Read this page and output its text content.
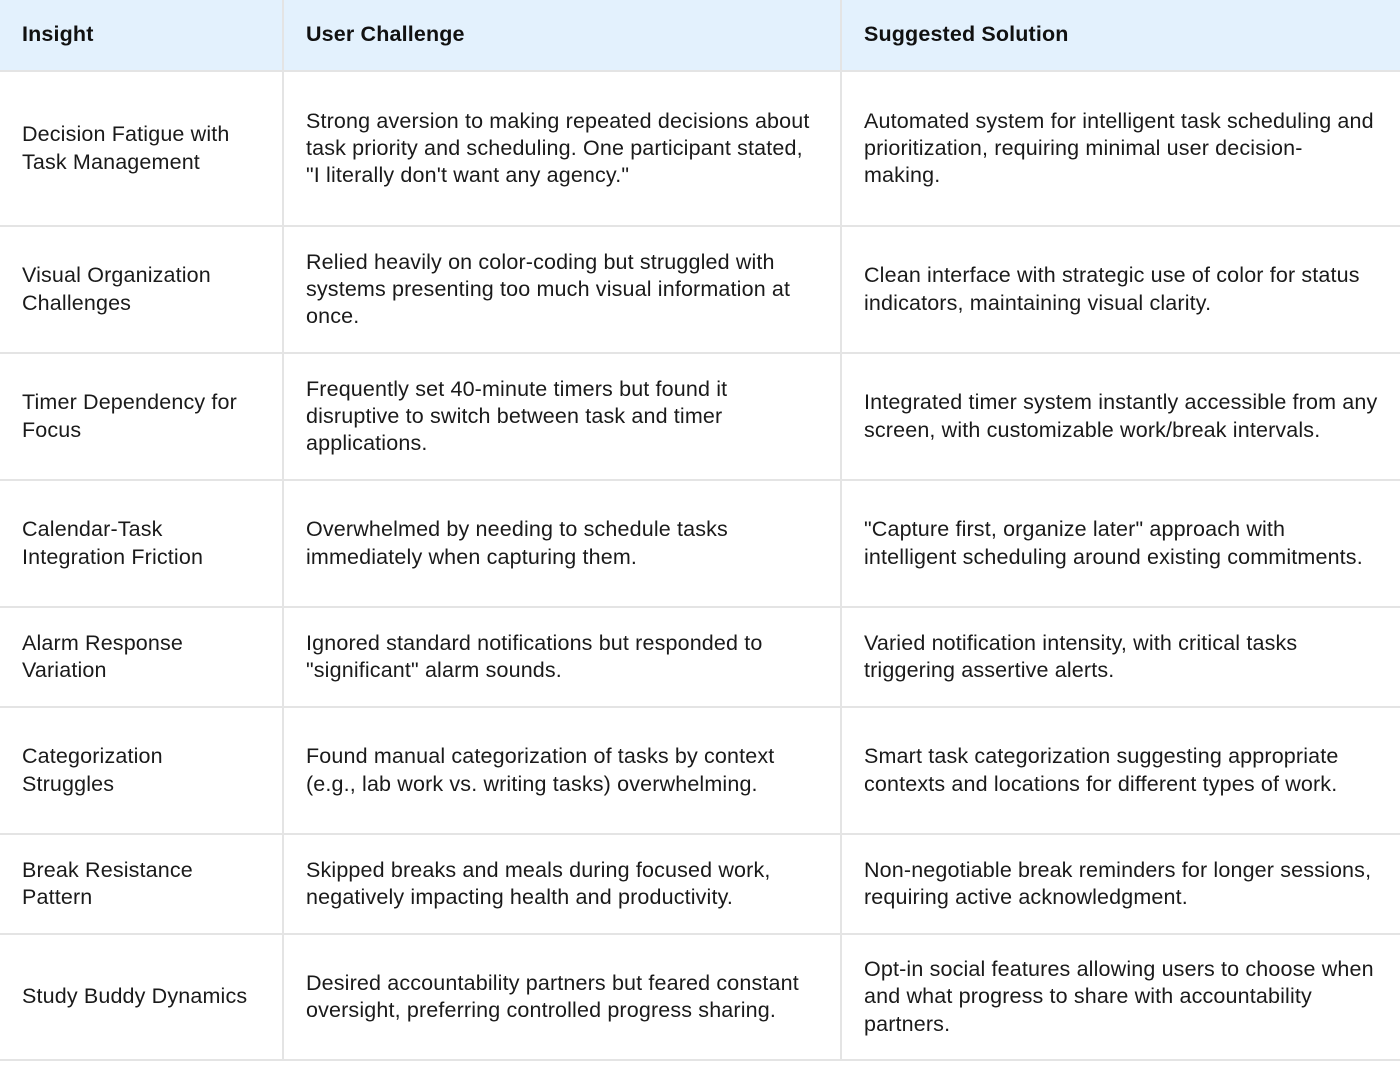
Insight	User Challenge	Suggested Solution
Decision Fatigue with Task Management	Strong aversion to making repeated decisions about task priority and scheduling. One participant stated, "I literally don't want any agency."	Automated system for intelligent task scheduling and prioritization, requiring minimal user decision-making.
Visual Organization Challenges	Relied heavily on color-coding but struggled with systems presenting too much visual information at once.	Clean interface with strategic use of color for status indicators, maintaining visual clarity.
Timer Dependency for Focus	Frequently set 40-minute timers but found it disruptive to switch between task and timer applications.	Integrated timer system instantly accessible from any screen, with customizable work/break intervals.
Calendar-Task Integration Friction	Overwhelmed by needing to schedule tasks immediately when capturing them.	"Capture first, organize later" approach with intelligent scheduling around existing commitments.
Alarm Response Variation	Ignored standard notifications but responded to "significant" alarm sounds.	Varied notification intensity, with critical tasks triggering assertive alerts.
Categorization Struggles	Found manual categorization of tasks by context (e.g., lab work vs. writing tasks) overwhelming.	Smart task categorization suggesting appropriate contexts and locations for different types of work.
Break Resistance Pattern	Skipped breaks and meals during focused work, negatively impacting health and productivity.	Non-negotiable break reminders for longer sessions, requiring active acknowledgment.
Study Buddy Dynamics	Desired accountability partners but feared constant oversight, preferring controlled progress sharing.	Opt-in social features allowing users to choose when and what progress to share with accountability partners.
